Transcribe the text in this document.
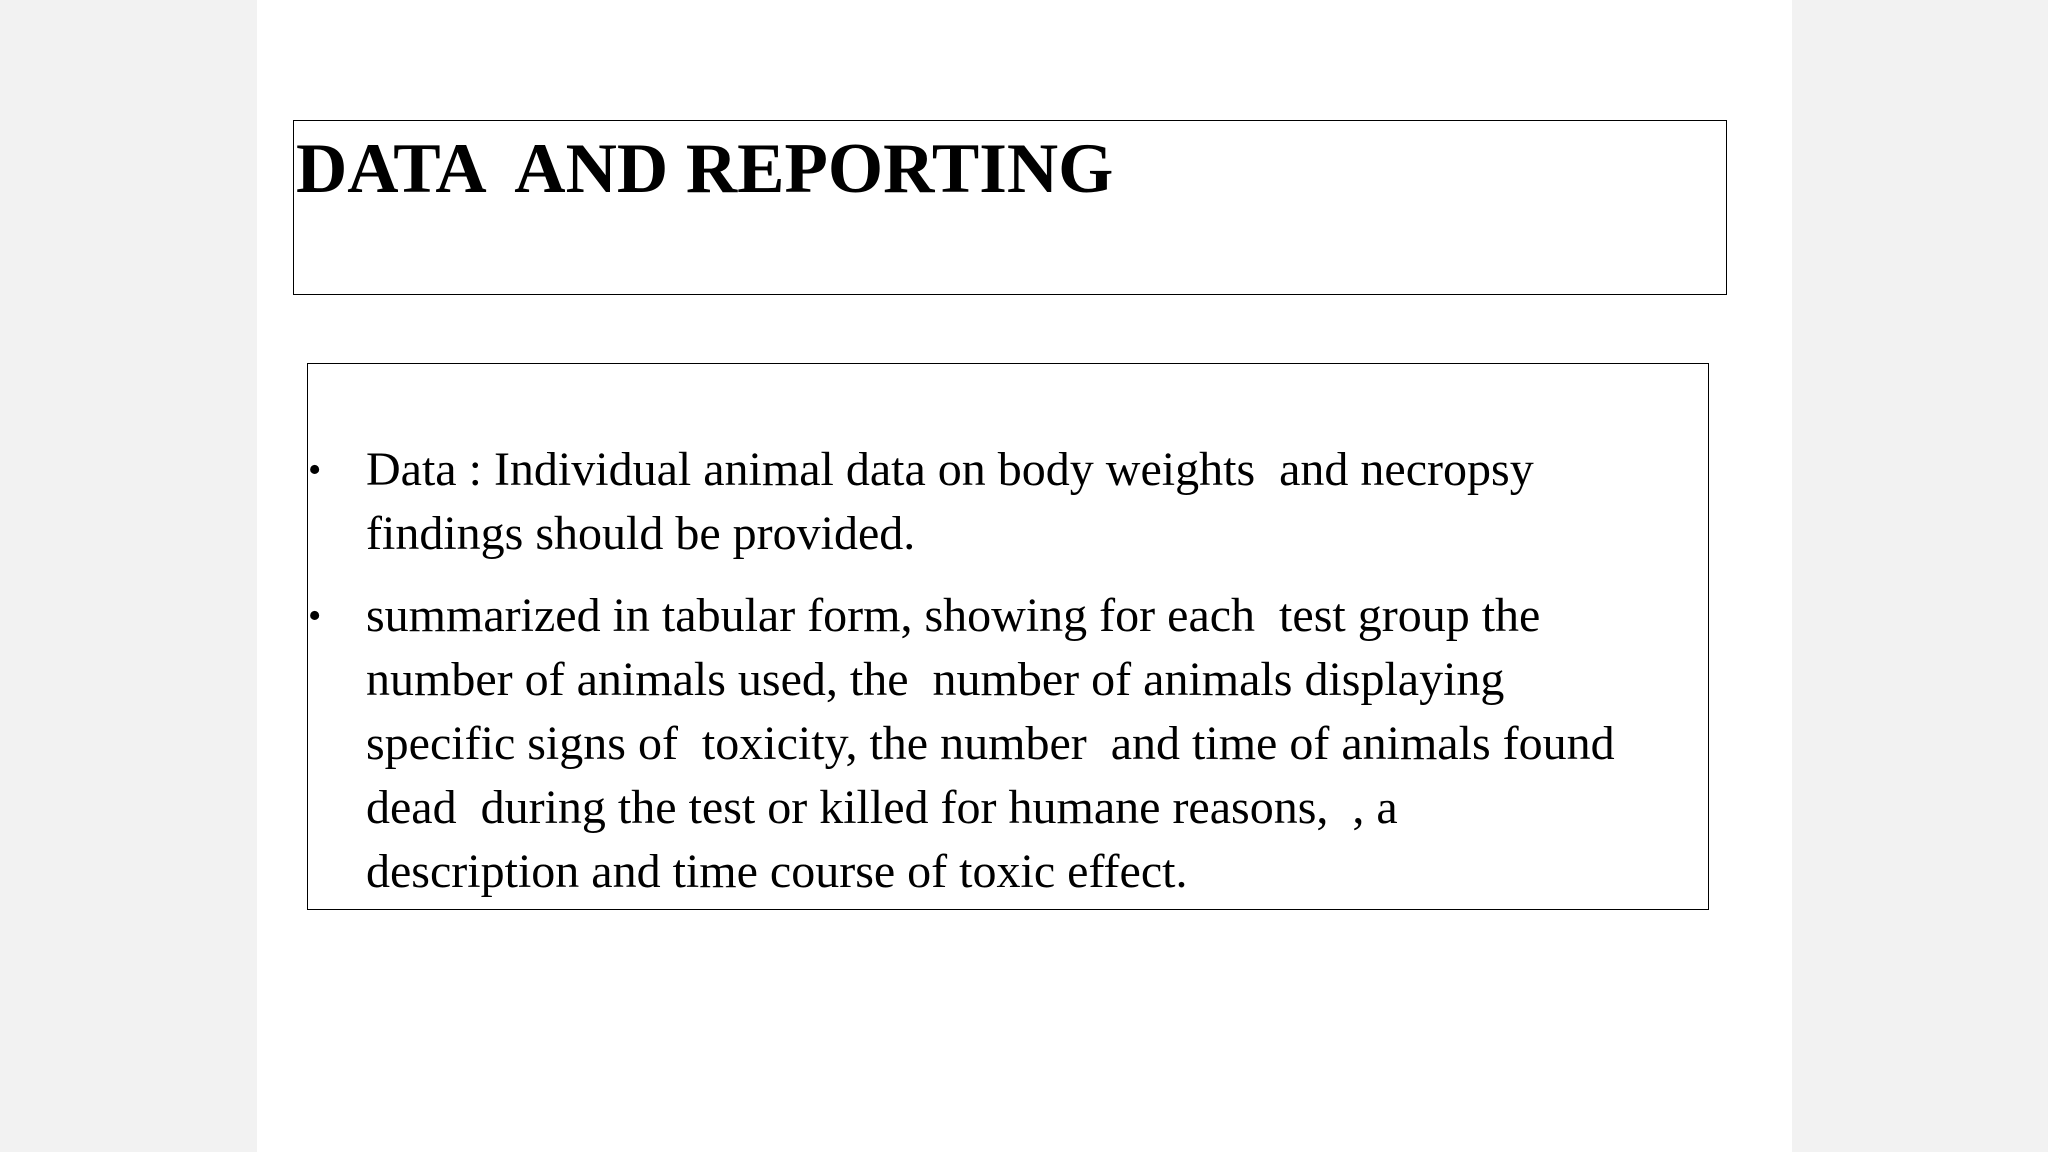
DATA  AND REPORTING
• Data : Individual animal data on body weights  and necropsy
findings should be provided.
• summarized in tabular form, showing for each  test group the
number of animals used, the  number of animals displaying
specific signs of  toxicity, the number  and time of animals found
dead  during the test or killed for humane reasons,  , a
description and time course of toxic effect.
